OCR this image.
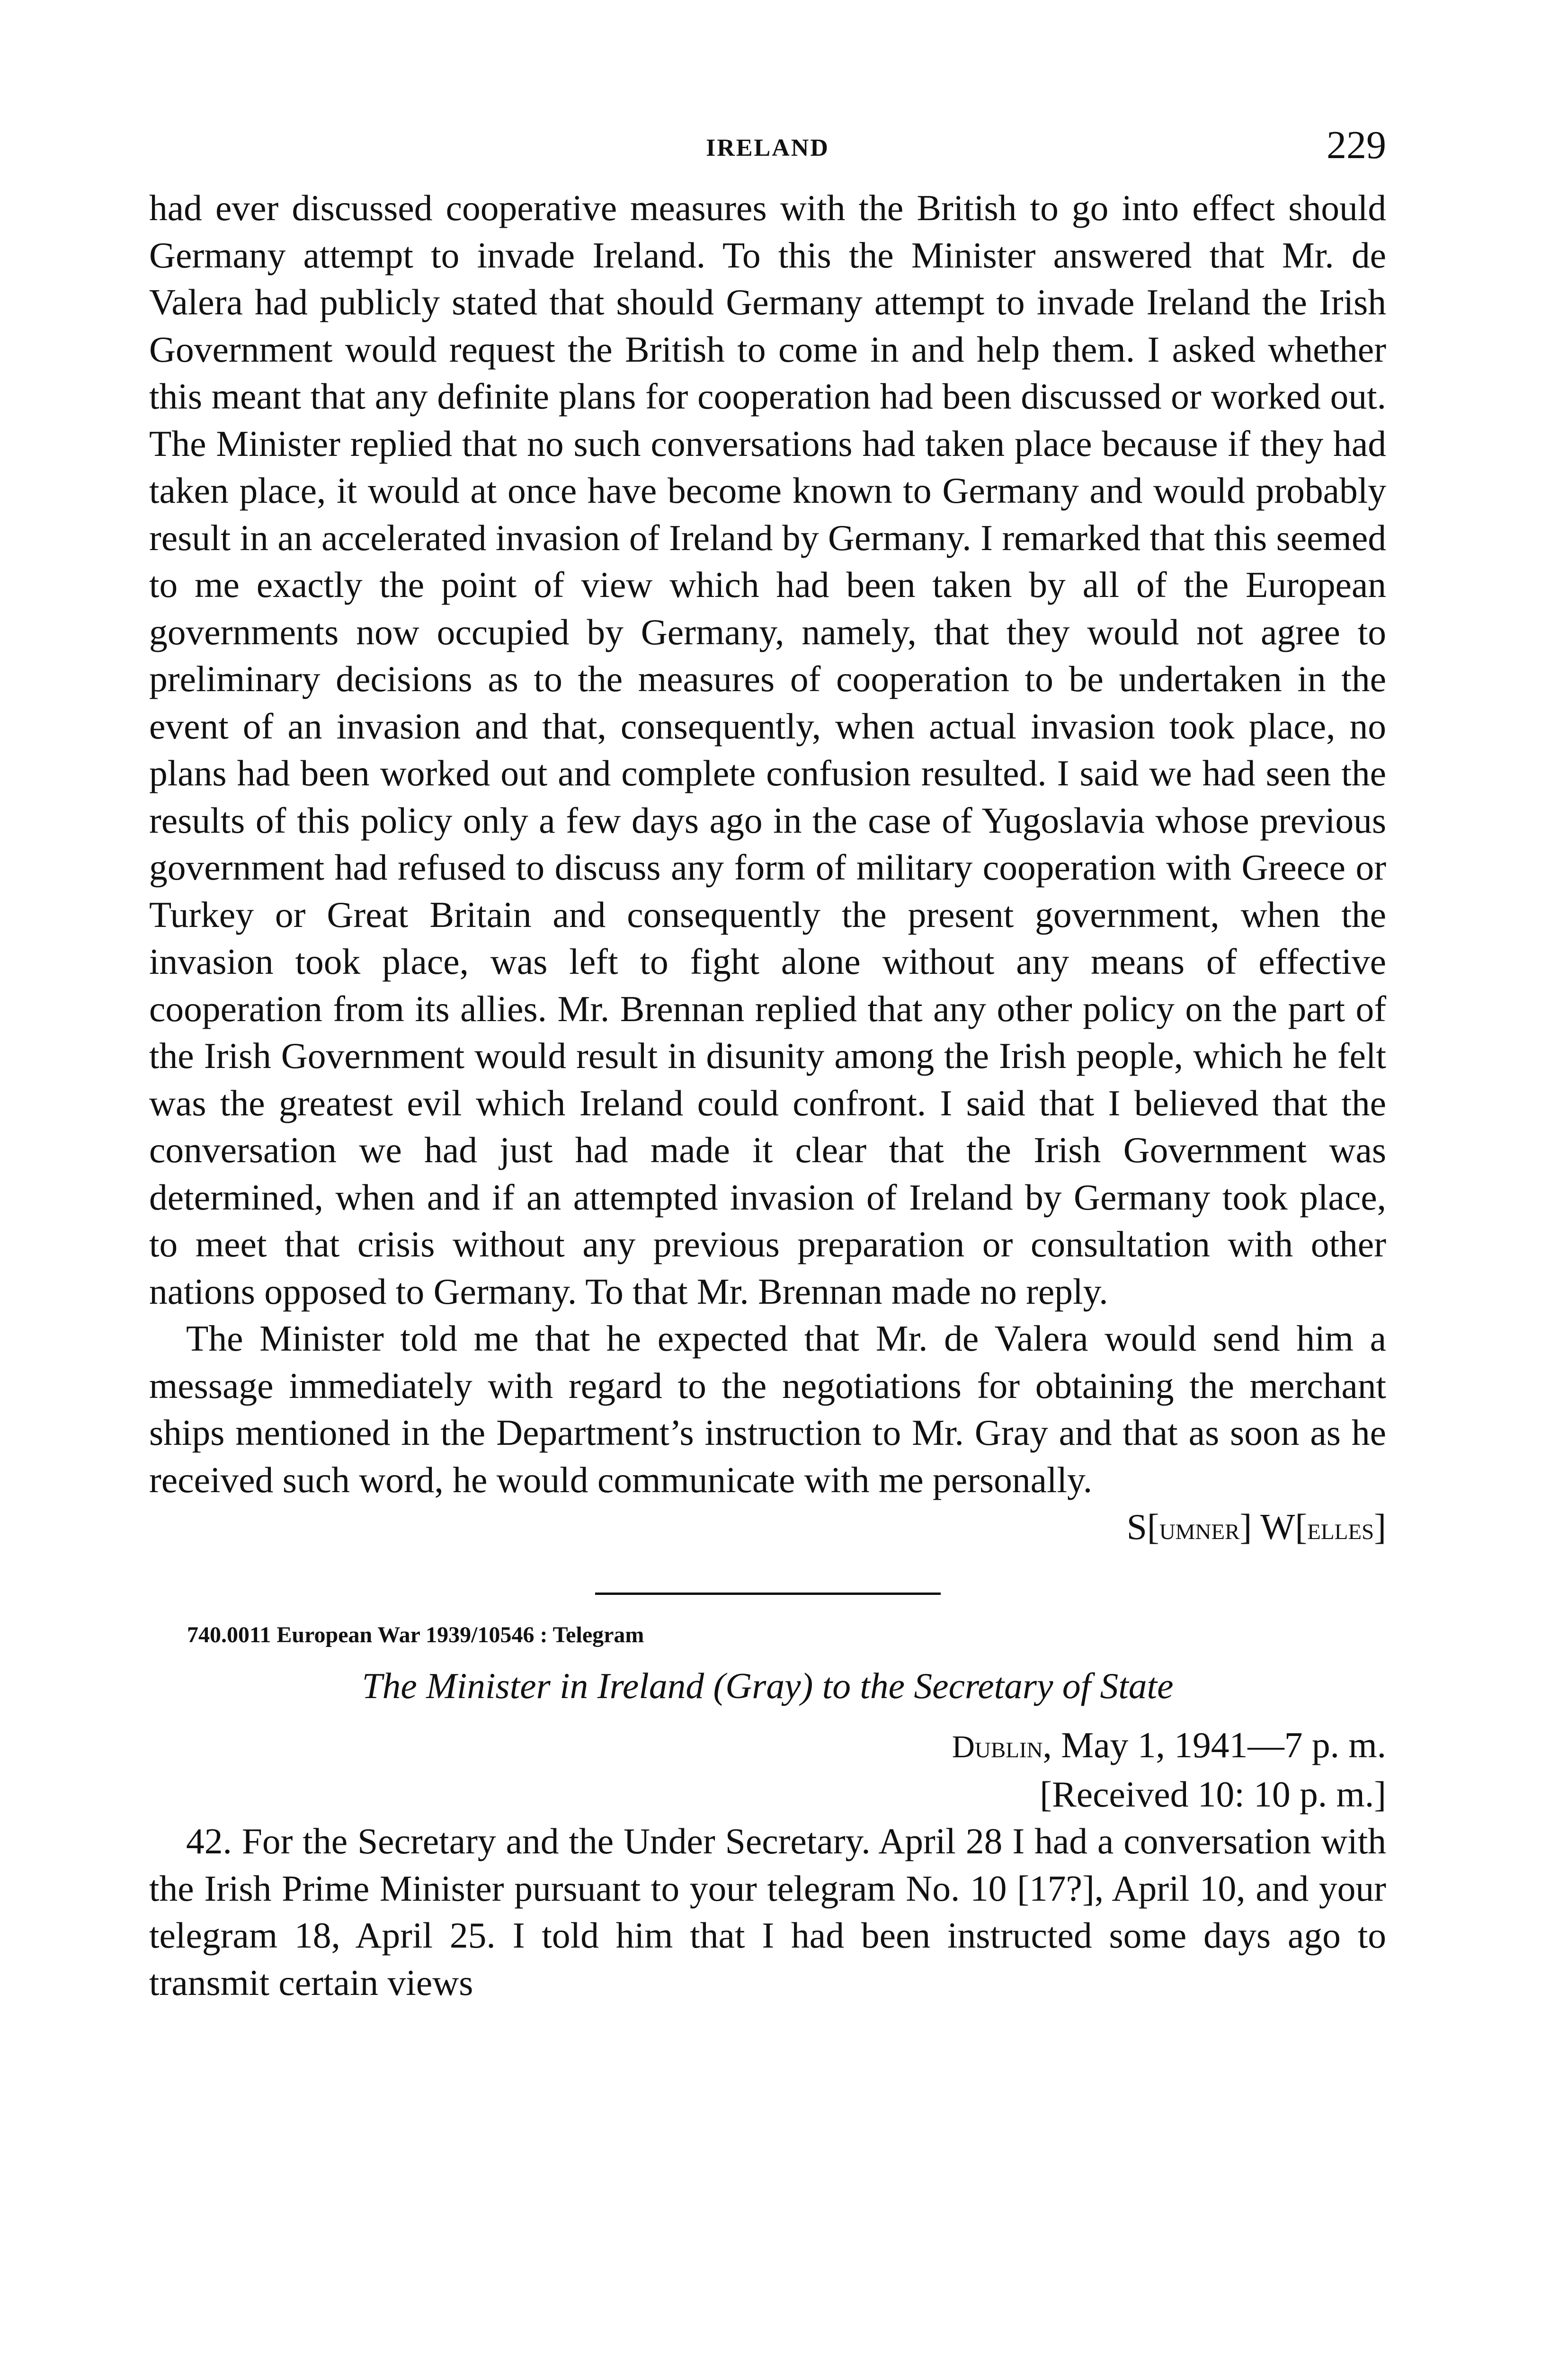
IRELAND	229

had ever discussed cooperative measures with the British to go into effect should Germany attempt to invade Ireland. To this the Minister answered that Mr. de Valera had publicly stated that should Germany attempt to invade Ireland the Irish Government would request the British to come in and help them. I asked whether this meant that any definite plans for cooperation had been discussed or worked out. The Minister replied that no such conversations had taken place because if they had taken place, it would at once have become known to Germany and would probably result in an accelerated invasion of Ireland by Germany. I remarked that this seemed to me exactly the point of view which had been taken by all of the European governments now occupied by Germany, namely, that they would not agree to preliminary decisions as to the measures of cooperation to be undertaken in the event of an invasion and that, consequently, when actual invasion took place, no plans had been worked out and complete confusion resulted. I said we had seen the results of this policy only a few days ago in the case of Yugoslavia whose previous government had refused to discuss any form of military cooperation with Greece or Turkey or Great Britain and consequently the present government, when the invasion took place, was left to fight alone without any means of effective cooperation from its allies. Mr. Brennan replied that any other policy on the part of the Irish Government would result in disunity among the Irish people, which he felt was the greatest evil which Ireland could confront. I said that I believed that the conversation we had just had made it clear that the Irish Government was determined, when and if an attempted invasion of Ireland by Germany took place, to meet that crisis without any previous preparation or consultation with other nations opposed to Germany. To that Mr. Brennan made no reply.

The Minister told me that he expected that Mr. de Valera would send him a message immediately with regard to the negotiations for obtaining the merchant ships mentioned in the Department’s instruction to Mr. Gray and that as soon as he received such word, he would communicate with me personally.

S[umner] W[elles]
740.0011 European War 1939/10546 : Telegram
The Minister in Ireland (Gray) to the Secretary of State
Dublin, May 1, 1941—7 p. m.
[Received 10: 10 p. m.]

42. For the Secretary and the Under Secretary. April 28 I had a conversation with the Irish Prime Minister pursuant to your telegram No. 10 [17?], April 10, and your telegram 18, April 25. I told him that I had been instructed some days ago to transmit certain views
